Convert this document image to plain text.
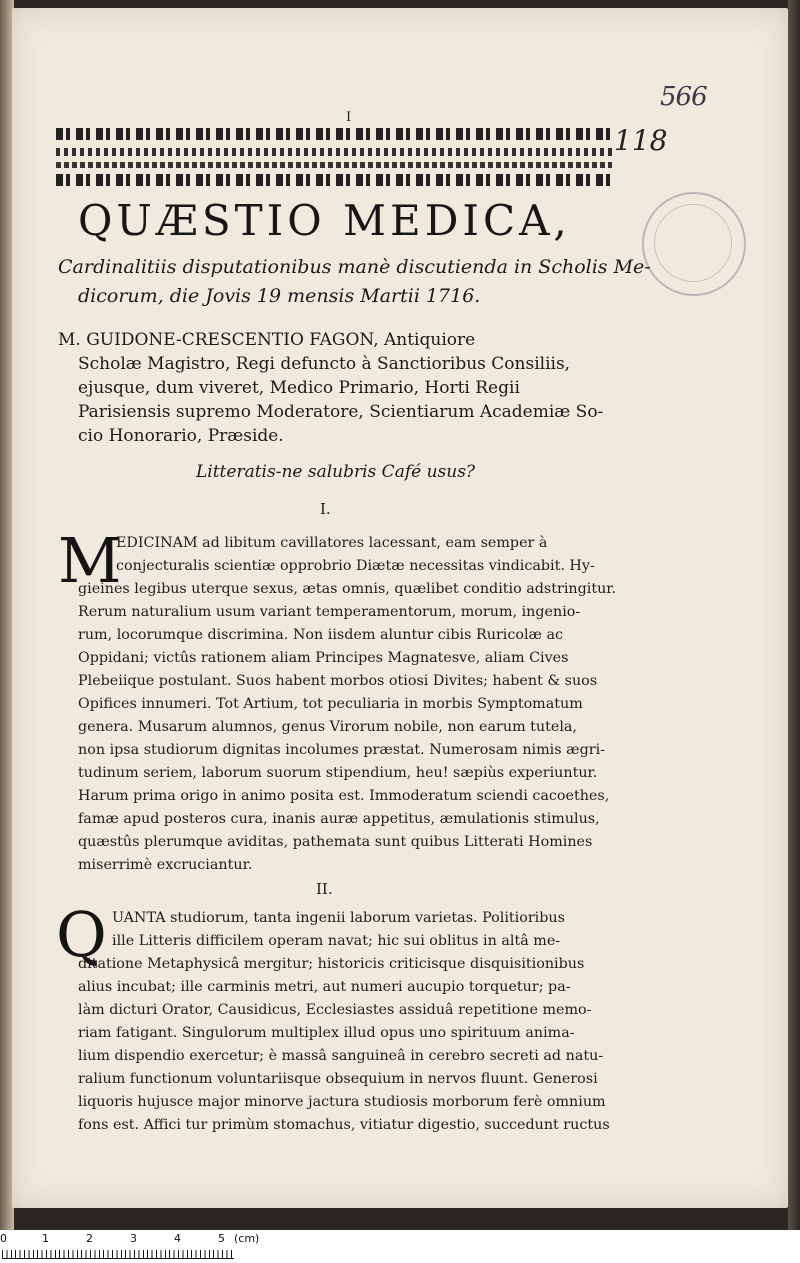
566
I
118
QUÆSTIO MEDICA,
Cardinalitiis disputationibus manè discutienda in Scholis Me-
dicorum, die Jovis 19 mensis Martii 1716.
M. GUIDONE-CRESCENTIO FAGON, Antiquiore
Scholæ Magistro, Regi defuncto à Sanctioribus Consiliis,
ejusque, dum viveret, Medico Primario, Horti Regii
Parisiensis supremo Moderatore, Scientiarum Academiæ So-
cio Honorario, Præside.
Litteratis-ne salubris Café usus?
I.
M
EDICINAM ad libitum cavillatores lacessant, eam semper à
conjecturalis scientiæ opprobrio Diætæ necessitas vindicabit. Hy-
gieines legibus uterque sexus, ætas omnis, quælibet conditio adstringitur.
Rerum naturalium usum variant temperamentorum, morum, ingenio-
rum, locorumque discrimina. Non iisdem aluntur cibis Ruricolæ ac
Oppidani; victûs rationem aliam Principes Magnatesve, aliam Cives
Plebeiique postulant. Suos habent morbos otiosi Divites; habent & suos
Opifices innumeri. Tot Artium, tot peculiaria in morbis Symptomatum
genera. Musarum alumnos, genus Virorum nobile, non earum tutela,
non ipsa studiorum dignitas incolumes præstat. Numerosam nimis ægri-
tudinum seriem, laborum suorum stipendium, heu! sæpiùs experiuntur.
Harum prima origo in animo posita est. Immoderatum sciendi cacoethes,
famæ apud posteros cura, inanis auræ appetitus, æmulationis stimulus,
quæstûs plerumque aviditas, pathemata sunt quibus Litterati Homines
miserrimè excruciantur.
II.
Q UANTA studiorum, tanta ingenii laborum varietas. Politioribus
ille Litteris difficilem operam navat; hic sui oblitus in altâ me-
ditatione Metaphysicâ mergitur; historicis criticisque disquisitionibus
alius incubat; ille carminis metri, aut numeri aucupio torquetur; pa-
làm dicturi Orator, Causidicus, Ecclesiastes assiduâ repetitione memo-
riam fatigant. Singulorum multiplex illud opus uno spirituum anima-
lium dispendio exercetur; è massâ sanguineâ in cerebro secreti ad natu-
ralium functionum voluntariisque obsequium in nervos fluunt. Generosi
liquoris hujusce major minorve jactura studiosis morborum ferè omnium
fons est. Affici tur primùm stomachus, vitiatur digestio, succedunt ructus
0	1	2	3	4	5 (cm)
